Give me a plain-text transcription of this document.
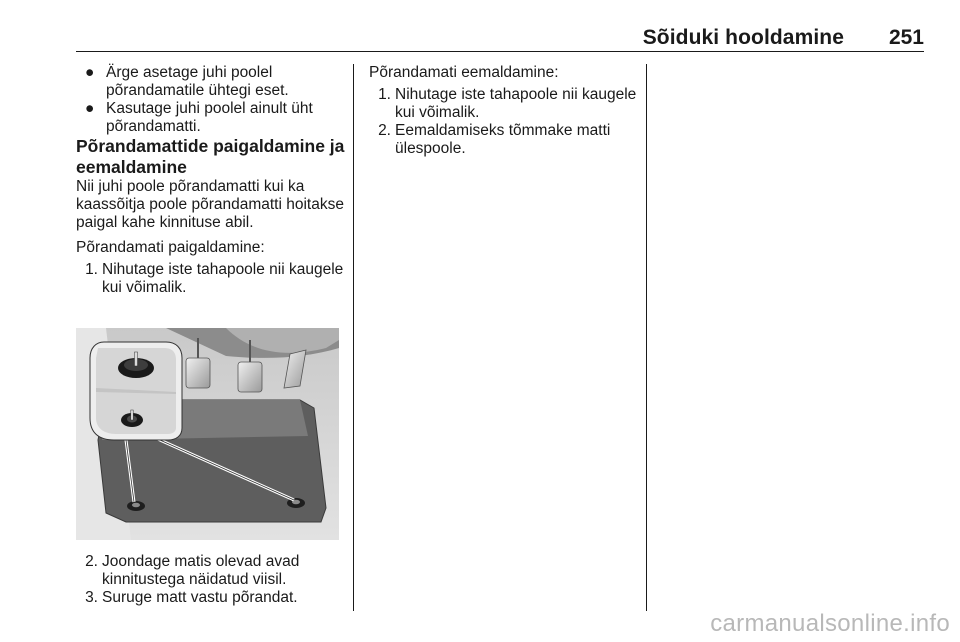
Sõiduki hooldamine	251

● Ärge asetage juhi poolel põrandamatile ühtegi eset.

● Kasutage juhi poolel ainult üht põrandamatti.

Põrandamattide paigaldamine ja eemaldamine

Nii juhi poole põrandamatti kui ka kaassõitja poole põrandamatti hoitakse paigal kahe kinnituse abil.

Põrandamati paigaldamine:

1. Nihutage iste tahapoole nii kaugele kui võimalik.

2. Joondage matis olevad avad kinnitustega näidatud viisil.

3. Suruge matt vastu põrandat.

Põrandamati eemaldamine:

1. Nihutage iste tahapoole nii kaugele kui võimalik.

2. Eemaldamiseks tõmmake matti ülespoole.

carmanualsonline.info
